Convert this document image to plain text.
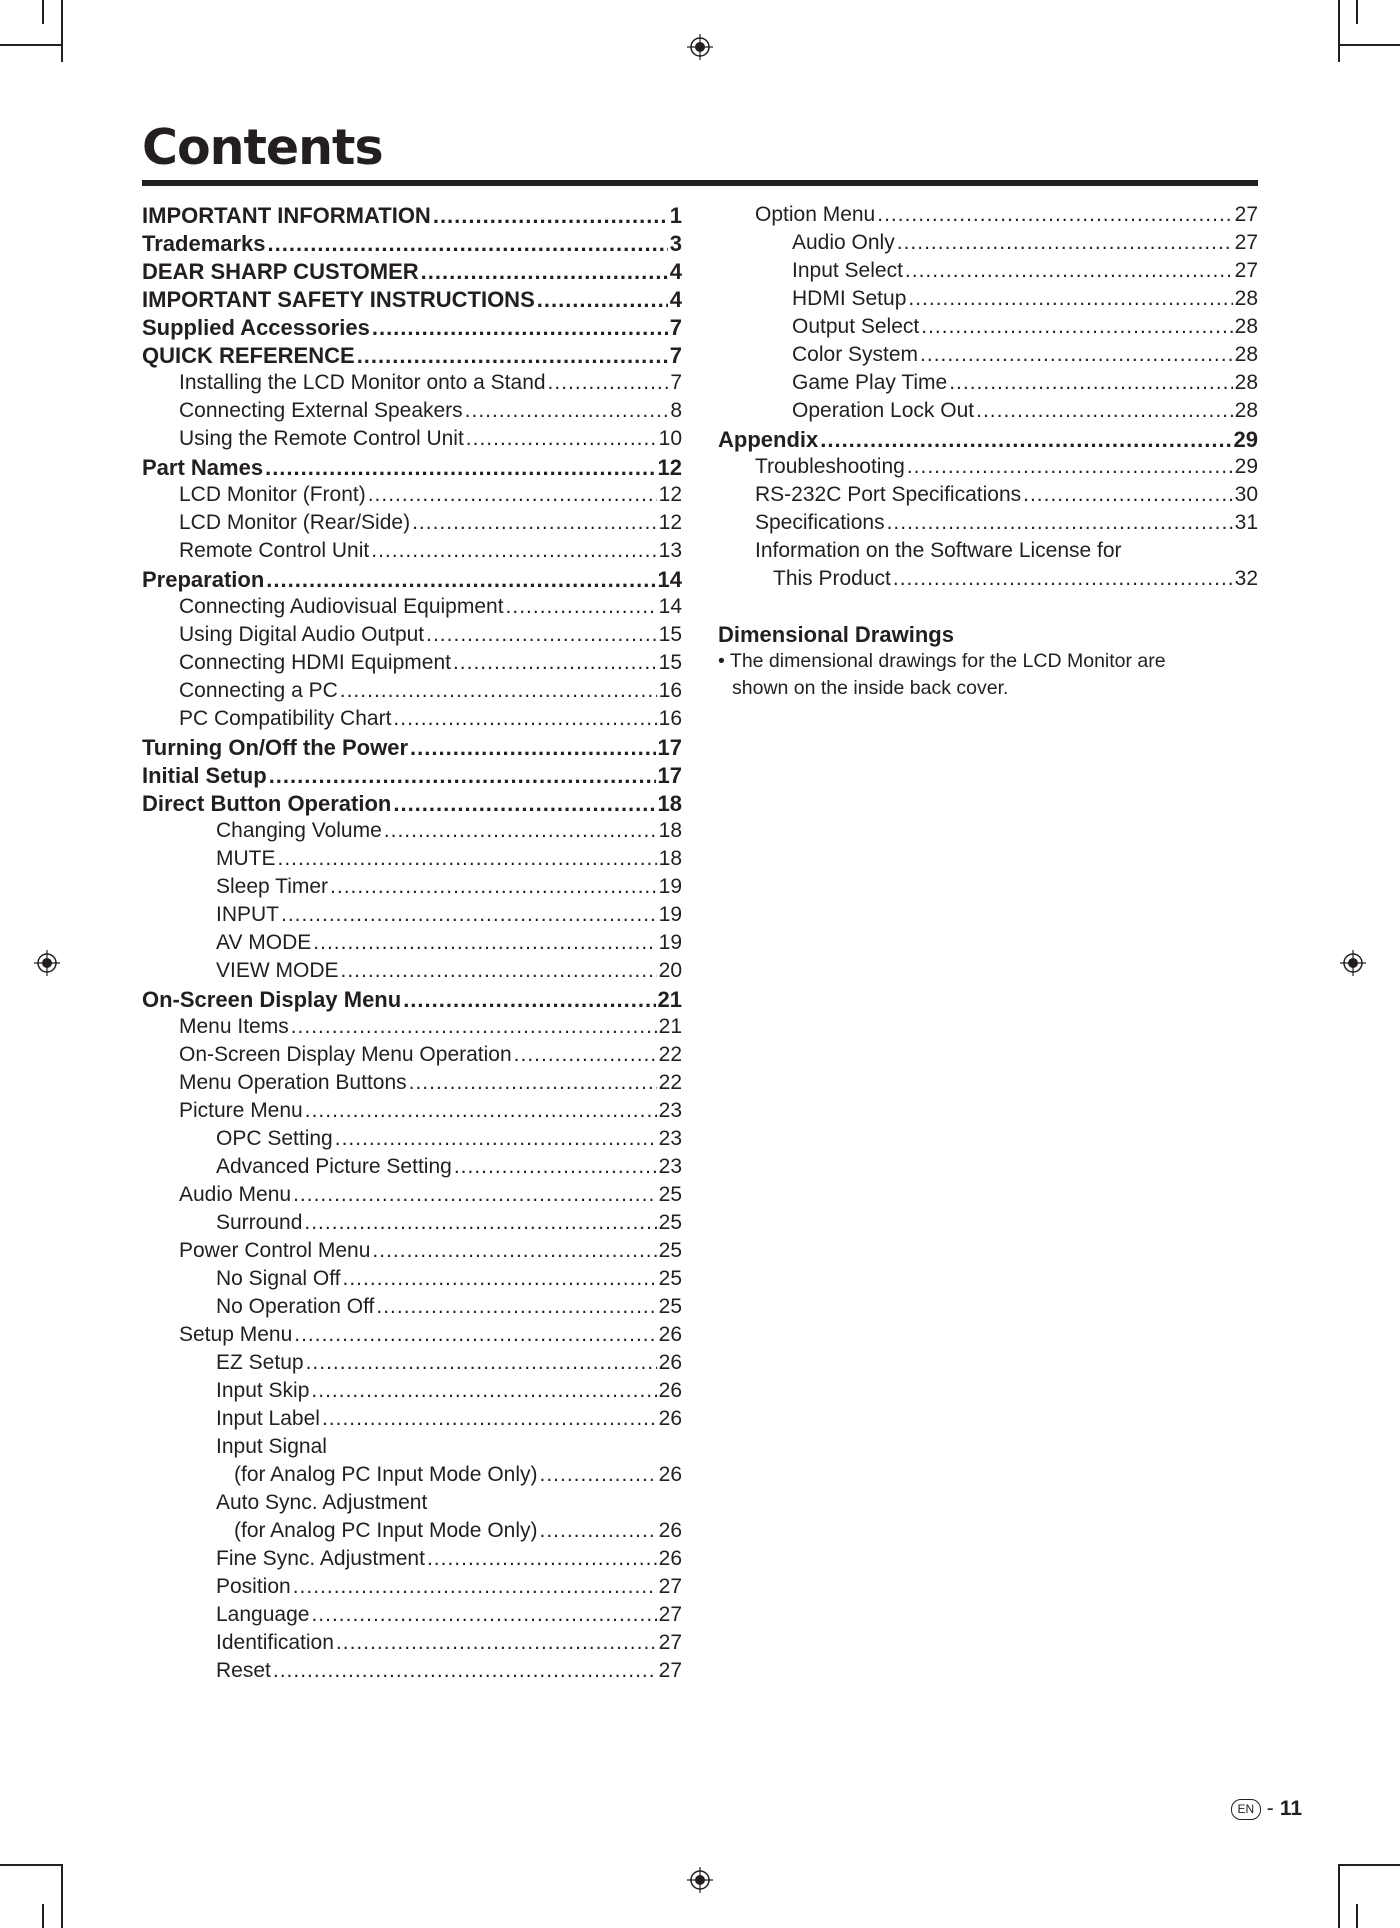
Contents
IMPORTANT INFORMATION .....	1
Trademarks .....	3
DEAR SHARP CUSTOMER .....	4
IMPORTANT SAFETY INSTRUCTIONS .....	4
Supplied Accessories .....	7
QUICK REFERENCE .....	7
Installing the LCD Monitor onto a Stand .....	7
Connecting External Speakers .....	8
Using the Remote Control Unit .....	10
Part Names .....	12
LCD Monitor (Front) .....	12
LCD Monitor (Rear/Side) .....	12
Remote Control Unit .....	13
Preparation .....	14
Connecting Audiovisual Equipment .....	14
Using Digital Audio Output .....	15
Connecting HDMI Equipment .....	15
Connecting a PC .....	16
PC Compatibility Chart .....	16
Turning On/Off the Power .....	17
Initial Setup .....	17
Direct Button Operation .....	18
Changing Volume .....	18
MUTE .....	18
Sleep Timer .....	19
INPUT .....	19
AV MODE .....	19
VIEW MODE .....	20
On-Screen Display Menu .....	21
Menu Items .....	21
On-Screen Display Menu Operation .....	22
Menu Operation Buttons .....	22
Picture Menu .....	23
OPC Setting .....	23
Advanced Picture Setting .....	23
Audio Menu .....	25
Surround .....	25
Power Control Menu .....	25
No Signal Off .....	25
No Operation Off .....	25
Setup Menu .....	26
EZ Setup .....	26
Input Skip .....	26
Input Label .....	26
Input Signal
(for Analog PC Input Mode Only) .....	26
Auto Sync. Adjustment
(for Analog PC Input Mode Only) .....	26
Fine Sync. Adjustment .....	26
Position .....	27
Language .....	27
Identification .....	27
Reset .....	27
Option Menu .....	27
Audio Only .....	27
Input Select .....	27
HDMI Setup .....	28
Output Select .....	28
Color System .....	28
Game Play Time .....	28
Operation Lock Out .....	28
Appendix .....	29
Troubleshooting .....	29
RS-232C Port Specifications .....	30
Specifications .....	31
Information on the Software License for
This Product .....	32
Dimensional Drawings

• The dimensional drawings for the LCD Monitor are
shown on the inside back cover.

EN - 11
